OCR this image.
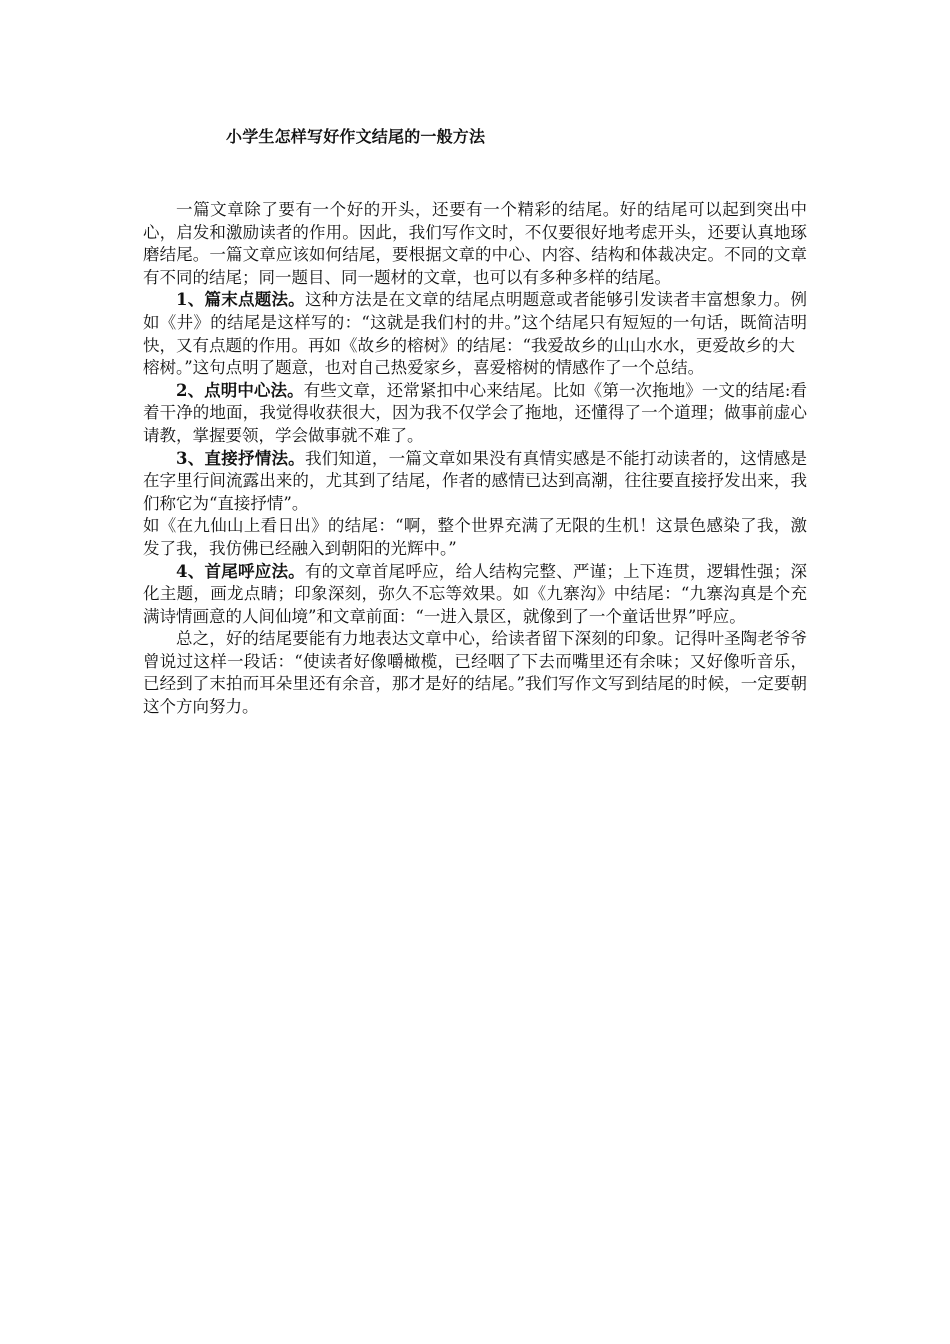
小学生怎样写好作文结尾的一般方法

一篇文章除了要有一个好的开头，还要有一个精彩的结尾。好的结尾可以起到突出中心，启发和激励读者的作用。因此，我们写作文时，不仅要很好地考虑开头，还要认真地琢磨结尾。一篇文章应该如何结尾，要根据文章的中心、内容、结构和体裁决定。不同的文章有不同的结尾；同一题目、同一题材的文章，也可以有多种多样的结尾。

1、篇末点题法。这种方法是在文章的结尾点明题意或者能够引发读者丰富想象力。例如《井》的结尾是这样写的：“这就是我们村的井。”这个结尾只有短短的一句话，既简洁明快，又有点题的作用。再如《故乡的榕树》的结尾：“我爱故乡的山山水水，更爱故乡的大

榕树。”这句点明了题意，也对自己热爱家乡，喜爱榕树的情感作了一个总结。

2、点明中心法。有些文章，还常紧扣中心来结尾。比如《第一次拖地》一文的结尾:看着干净的地面，我觉得收获很大，因为我不仅学会了拖地，还懂得了一个道理；做事前虚心请教，掌握要领，学会做事就不难了。

3、直接抒情法。我们知道，一篇文章如果没有真情实感是不能打动读者的，这情感是在字里行间流露出来的，尤其到了结尾，作者的感情已达到高潮，往往要直接抒发出来，我们称它为“直接抒情”。

如《在九仙山上看日出》的结尾：“啊，整个世界充满了无限的生机！这景色感染了我，激发了我，我仿佛已经融入到朝阳的光辉中。”

4、首尾呼应法。有的文章首尾呼应，给人结构完整、严谨；上下连贯，逻辑性强；深化主题，画龙点睛；印象深刻，弥久不忘等效果。如《九寨沟》中结尾：“九寨沟真是个充满诗情画意的人间仙境”和文章前面：“一进入景区，就像到了一个童话世界”呼应。

总之，好的结尾要能有力地表达文章中心，给读者留下深刻的印象。记得叶圣陶老爷爷曾说过这样一段话：“使读者好像嚼橄榄，已经咽了下去而嘴里还有余味；又好像听音乐，已经到了末拍而耳朵里还有余音，那才是好的结尾。”我们写作文写到结尾的时候，一定要朝这个方向努力。
